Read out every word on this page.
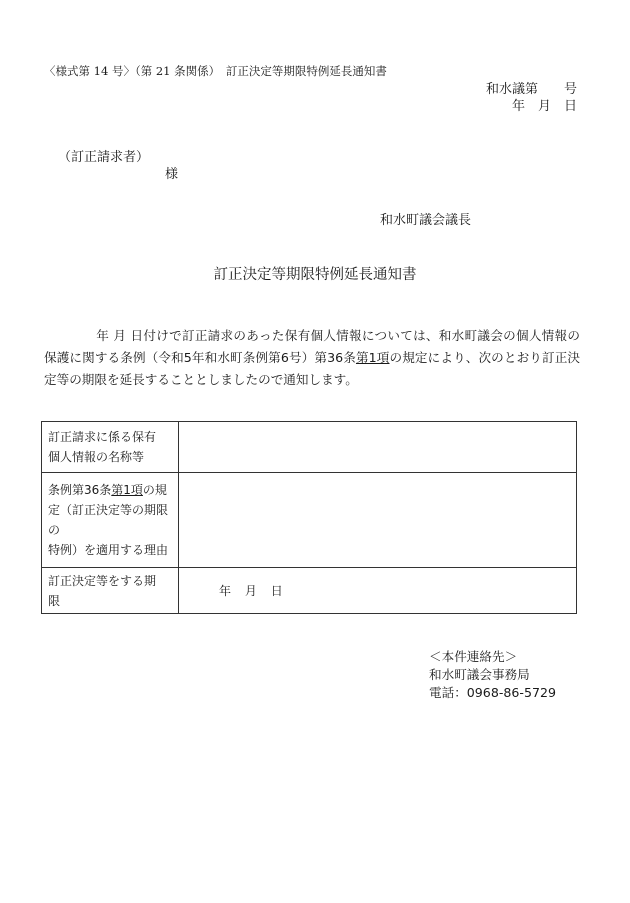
〈様式第 14 号〉（第 21 条関係）　訂正決定等期限特例延長通知書

和水議第　　号

年　月　日

（訂正請求者）

様

和水町議会議長

訂正決定等期限特例延長通知書

年 月 日付けで訂正請求のあった保有個人情報については、和水町議会の個人情報の保護に関する条例（令和5年和水町条例第6号）第36条第1項の規定により、次のとおり訂正決定等の期限を延長することとしましたので通知します。

訂正請求に係る保有
個人情報の名称等	

条例第36条第1項の規
定（訂正決定等の期限の
特例）を適用する理由	

訂正決定等をする期
限	年 月 日
＜本件連絡先＞
和水町議会事務局
電話：0968-86-5729
